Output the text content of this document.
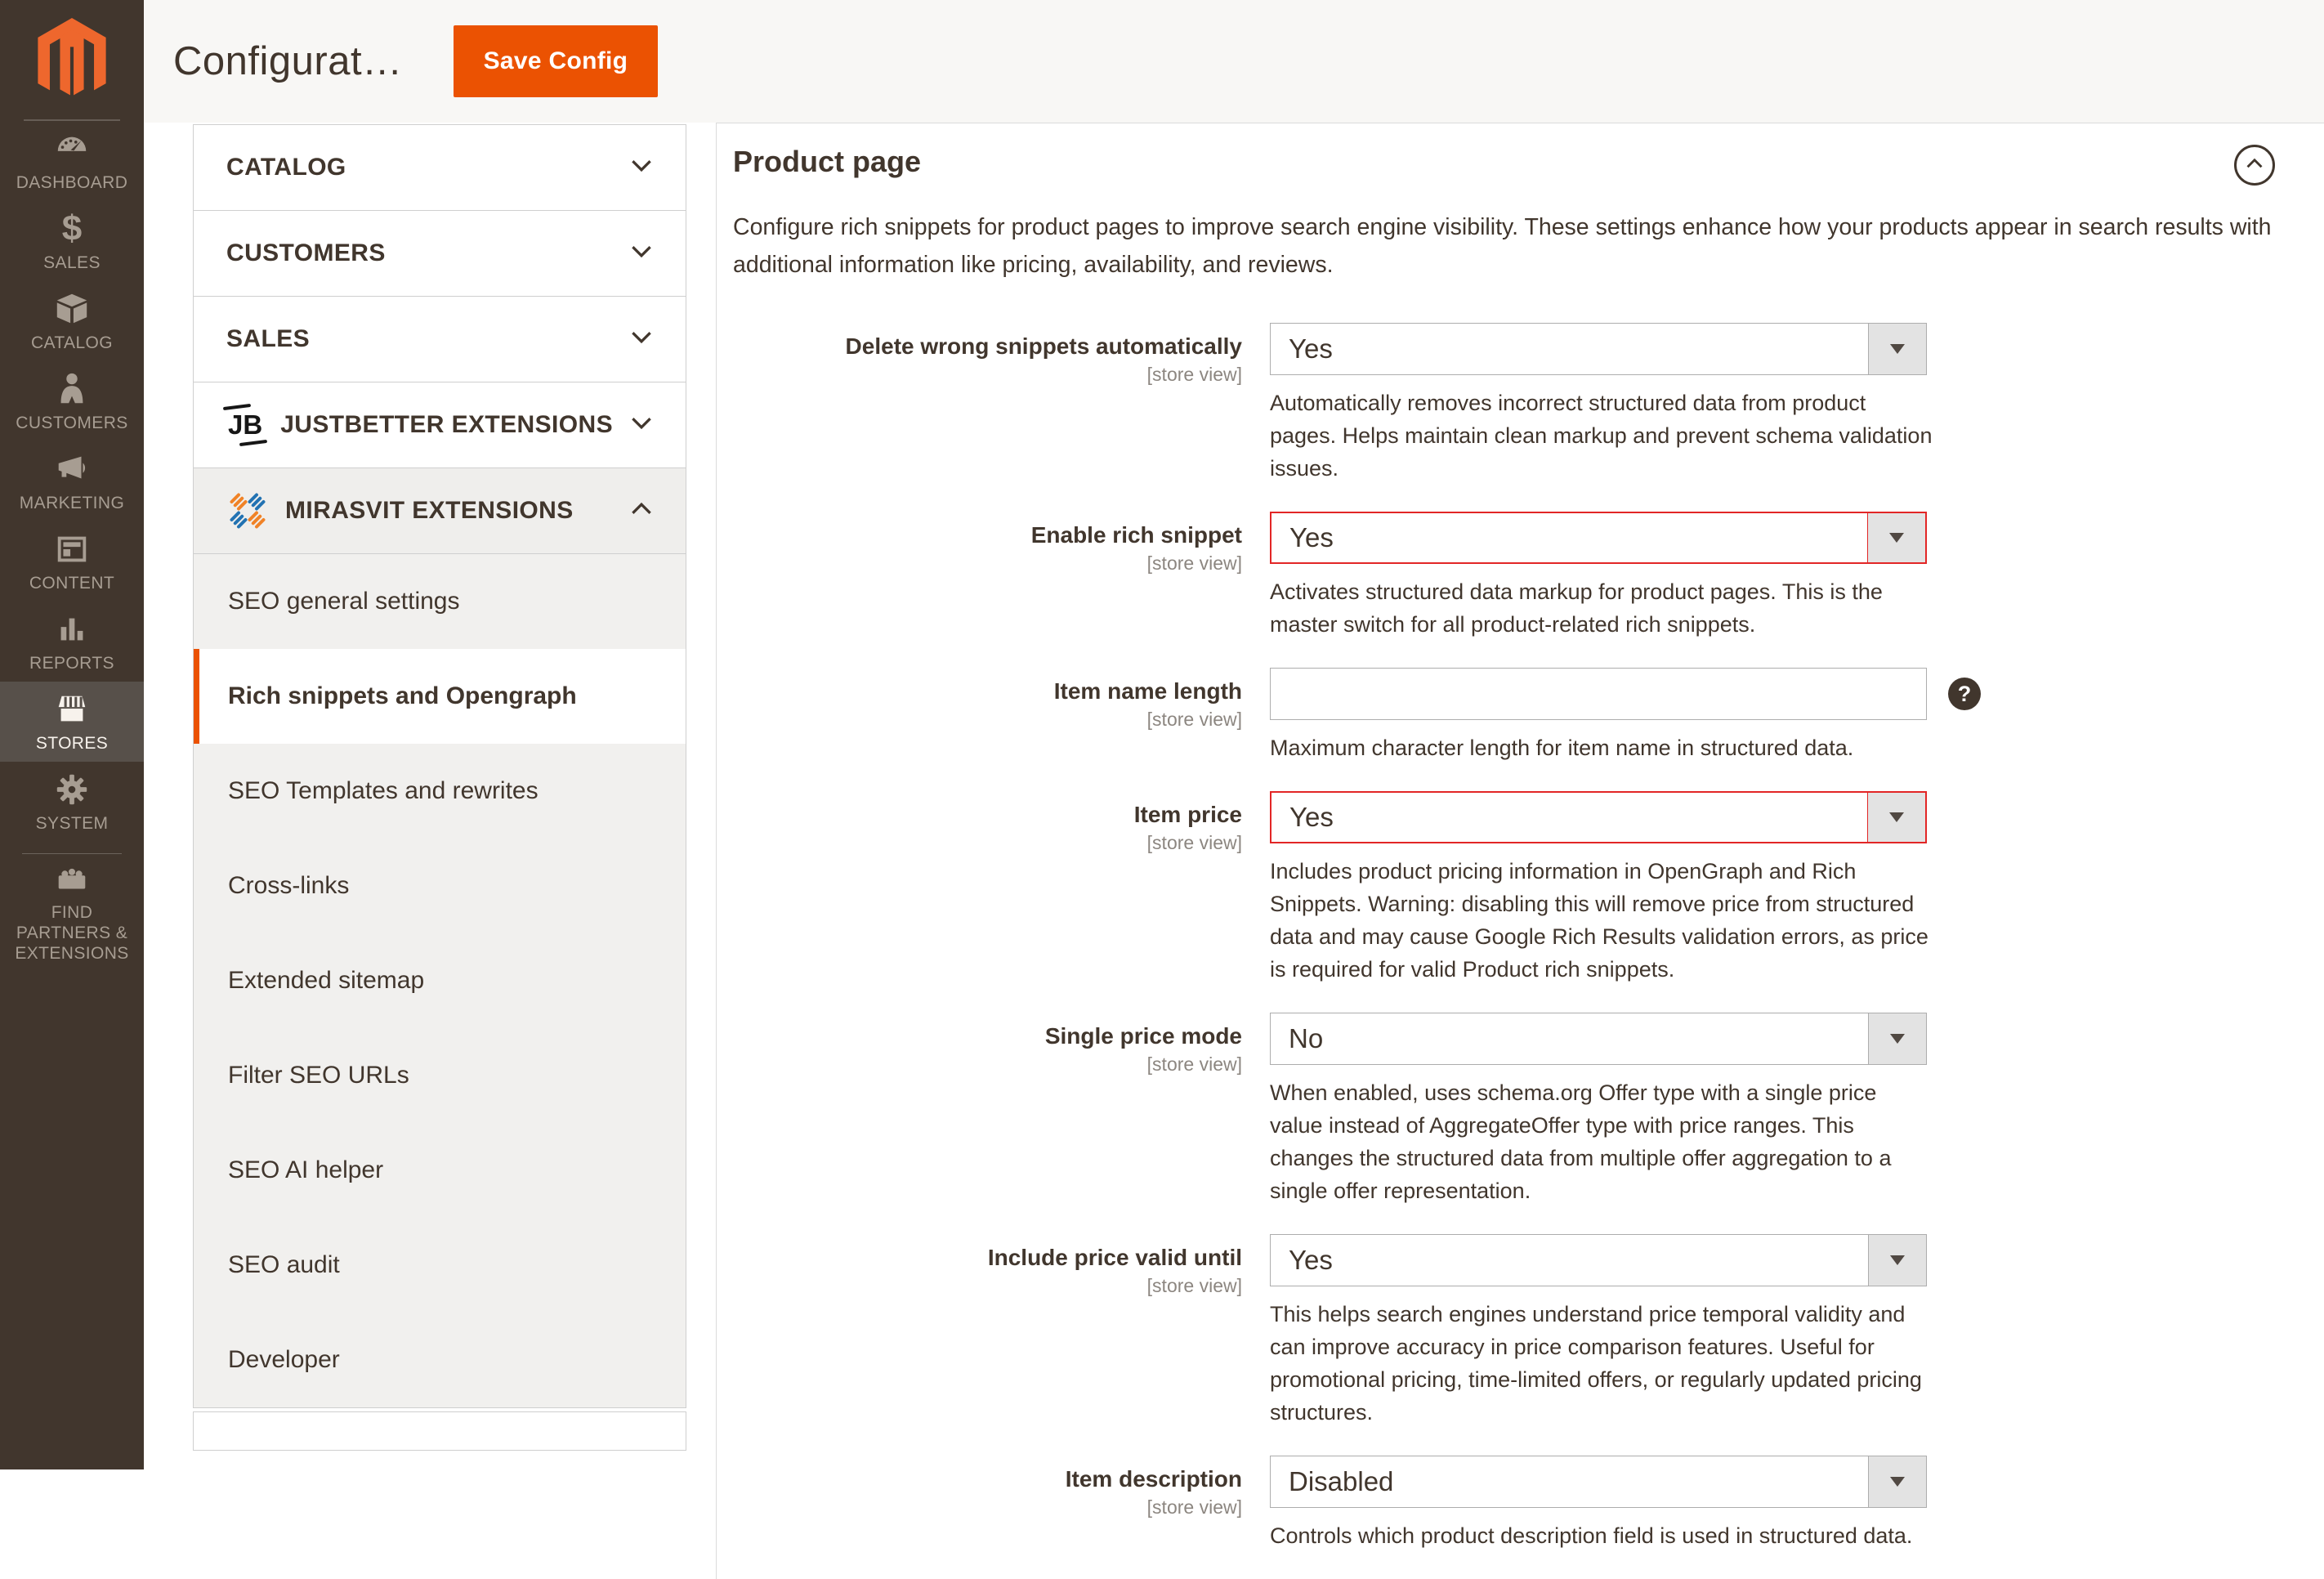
DASHBOARD
$
SALES
CATALOG
CUSTOMERS
MARKETING
CONTENT
REPORTS
STORES
SYSTEM
FIND PARTNERS & EXTENSIONS
Configurat…	Save Config
CATALOG
CUSTOMERS
SALES
JB JUSTBETTER EXTENSIONS
MIRASVIT EXTENSIONS
SEO general settings
Rich snippets and Opengraph
SEO Templates and rewrites
Cross-links
Extended sitemap
Filter SEO URLs
SEO AI helper
SEO audit
Developer
Product page

Configure rich snippets for product pages to improve search engine visibility. These settings enhance how your products appear in search results with additional information like pricing, availability, and reviews.

Delete wrong snippets automatically
[store view]
Yes
Automatically removes incorrect structured data from product pages. Helps maintain clean markup and prevent schema validation issues.
Enable rich snippet
[store view]
Yes
Activates structured data markup for product pages. This is the master switch for all product-related rich snippets.
Item name length
[store view]
?
Maximum character length for item name in structured data.
Item price
[store view]
Yes
Includes product pricing information in OpenGraph and Rich Snippets. Warning: disabling this will remove price from structured data and may cause Google Rich Results validation errors, as price is required for valid Product rich snippets.
Single price mode
[store view]
No
When enabled, uses schema.org Offer type with a single price value instead of AggregateOffer type with price ranges. This changes the structured data from multiple offer aggregation to a single offer representation.
Include price valid until
[store view]
Yes
This helps search engines understand price temporal validity and can improve accuracy in price comparison features. Useful for promotional pricing, time-limited offers, or regularly updated pricing structures.
Item description
[store view]
Disabled
Controls which product description field is used in structured data.
